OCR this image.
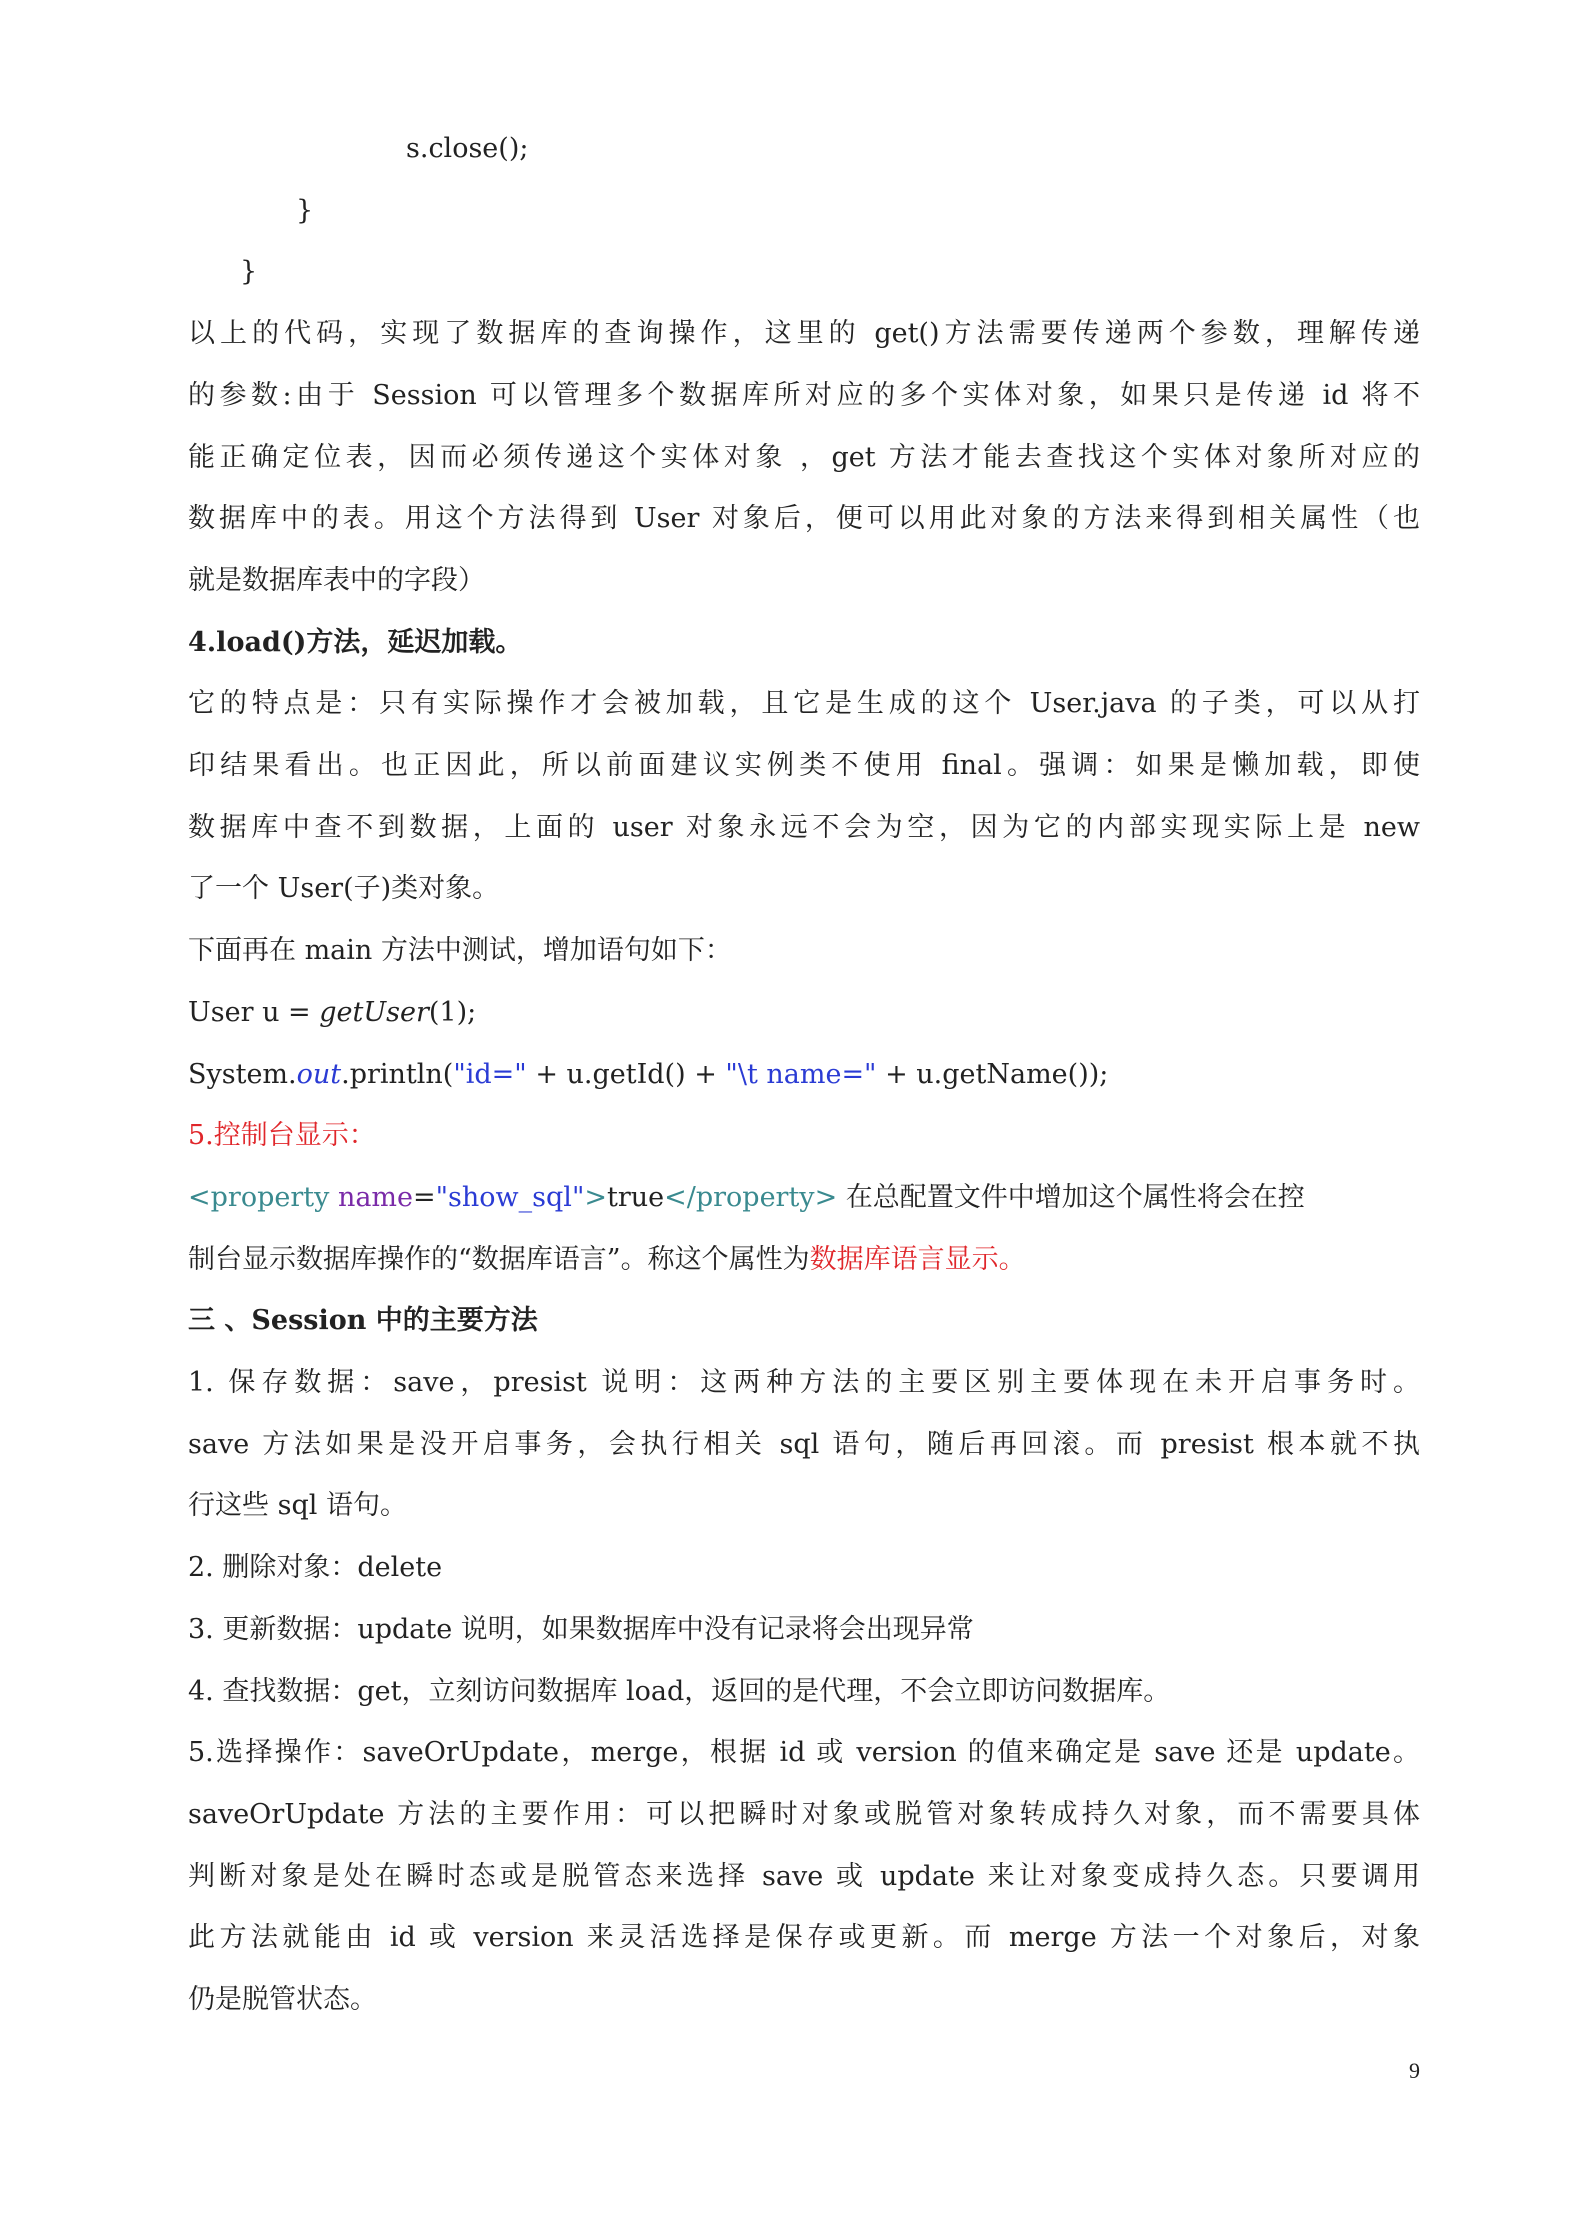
s.close();
}
}
以上的代码，实现了数据库的查询操作，这里的 get()方法需要传递两个参数，理解传递
的参数:由于 Session 可以管理多个数据库所对应的多个实体对象，如果只是传递 id 将不
能正确定位表，因而必须传递这个实体对象 ，get 方法才能去查找这个实体对象所对应的
数据库中的表。用这个方法得到 User 对象后，便可以用此对象的方法来得到相关属性（也
就是数据库表中的字段）
4.load()方法，延迟加载。
它的特点是：只有实际操作才会被加载，且它是生成的这个 User.java 的子类，可以从打
印结果看出。也正因此，所以前面建议实例类不使用 final。强调：如果是懒加载，即使
数据库中查不到数据，上面的 user 对象永远不会为空，因为它的内部实现实际上是 new
了一个 User(子)类对象。
下面再在 main 方法中测试，增加语句如下：
User u = getUser(1);
System.out.println("id=" + u.getId() + "\t name=" + u.getName());
5.控制台显示：
<property name="show_sql">true</property> 在总配置文件中增加这个属性将会在控
制台显示数据库操作的“数据库语言”。称这个属性为数据库语言显示。
三 、Session 中的主要方法
1. 保存数据：save，presist 说明：这两种方法的主要区别主要体现在未开启事务时。
save 方法如果是没开启事务，会执行相关 sql 语句，随后再回滚。而 presist 根本就不执
行这些 sql 语句。
2. 删除对象：delete
3. 更新数据：update 说明，如果数据库中没有记录将会出现异常
4. 查找数据：get，立刻访问数据库 load，返回的是代理，不会立即访问数据库。
5.选择操作：saveOrUpdate，merge，根据 id 或 version 的值来确定是 save 还是 update。
saveOrUpdate 方法的主要作用：可以把瞬时对象或脱管对象转成持久对象，而不需要具体
判断对象是处在瞬时态或是脱管态来选择 save 或 update 来让对象变成持久态。只要调用
此方法就能由 id 或 version 来灵活选择是保存或更新。而 merge 方法一个对象后，对象
仍是脱管状态。
9
